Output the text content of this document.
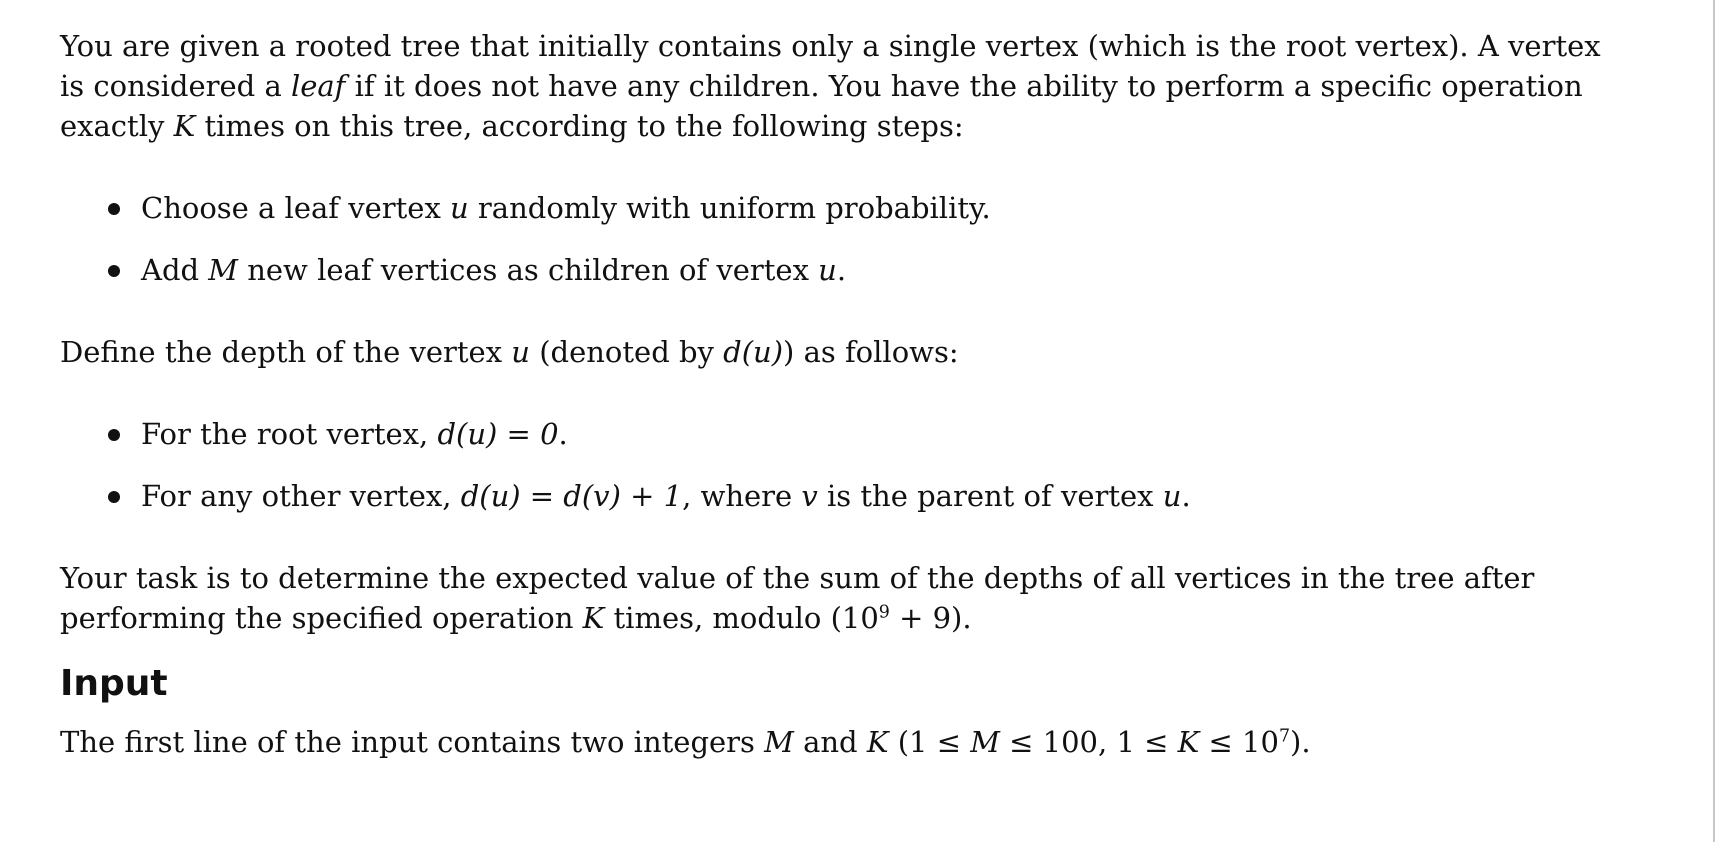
You are given a rooted tree that initially contains only a single vertex (which is the root vertex). A vertex

is considered a leaf if it does not have any children. You have the ability to perform a specific operation

exactly K times on this tree, according to the following steps:

Choose a leaf vertex u randomly with uniform probability.
Add M new leaf vertices as children of vertex u.

Define the depth of the vertex u (denoted by d(u)) as follows:

For the root vertex, d(u) = 0.
For any other vertex, d(u) = d(v) + 1, where v is the parent of vertex u.

Your task is to determine the expected value of the sum of the depths of all vertices in the tree after

performing the specified operation K times, modulo $(10^9 + 9)$.

Input

The first line of the input contains two integers M and K (1 ≤ M ≤ 100, $1 \le K \le 10^7$).
